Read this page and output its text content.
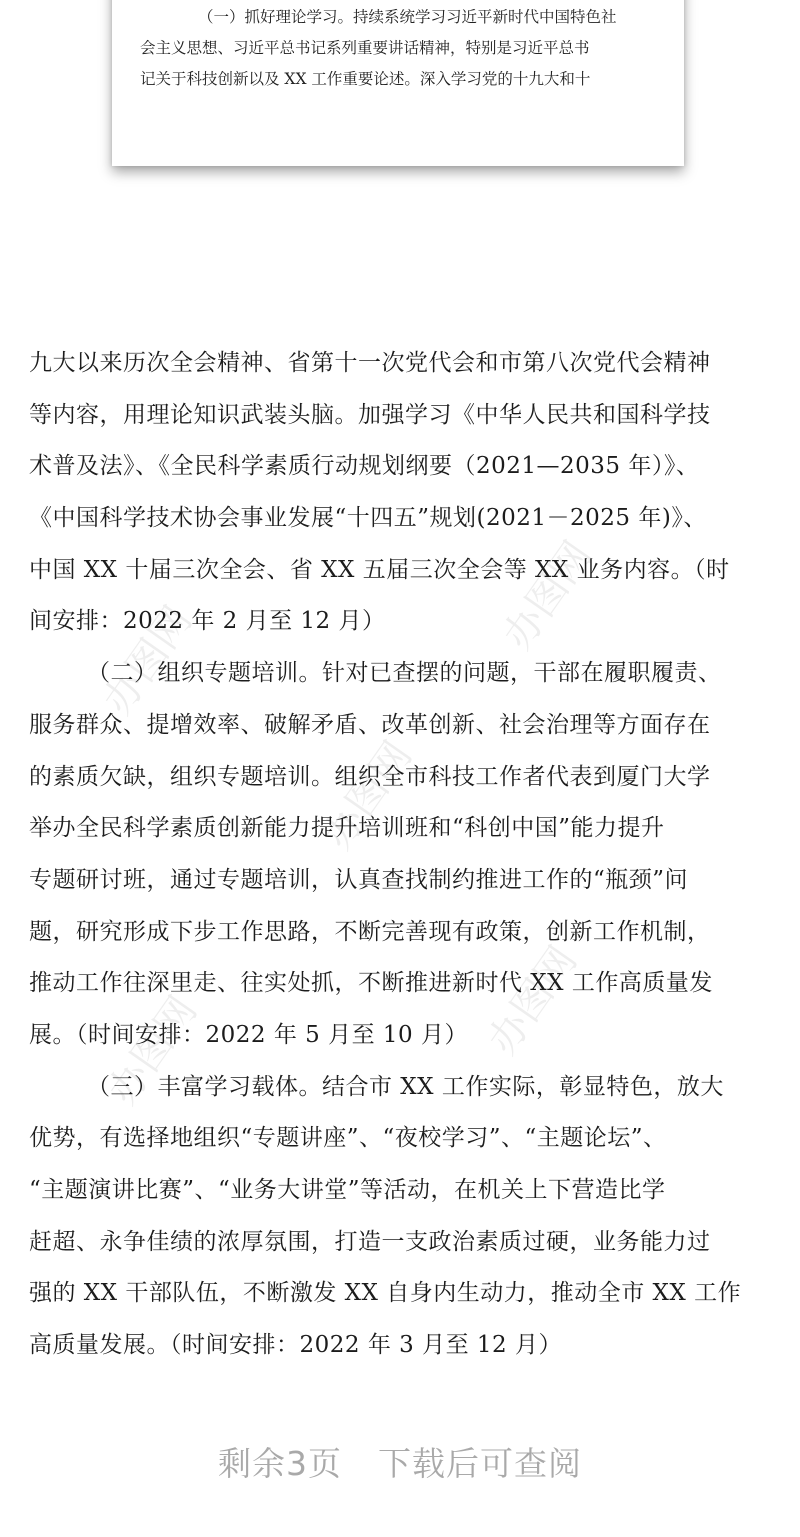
（一）抓好理论学习。持续系统学习习近平新时代中国特色社
会主义思想、习近平总书记系列重要讲话精神，特别是习近平总书
记关于科技创新以及 XX 工作重要论述。深入学习党的十九大和十
办图网
办图网
办图网
办图网	办图网
九大以来历次全会精神、省第十一次党代会和市第八次党代会精神
等内容，用理论知识武装头脑。加强学习《中华人民共和国科学技
术普及法》、《全民科学素质行动规划纲要（2021—2035 年）》、
《中国科学技术协会事业发展“十四五”规划(2021－2025 年)》、
中国 XX 十届三次全会、省 XX 五届三次全会等 XX 业务内容。（时
间安排：2022 年 2 月至 12 月）
（二）组织专题培训。针对已查摆的问题，干部在履职履责、
服务群众、提增效率、破解矛盾、改革创新、社会治理等方面存在
的素质欠缺，组织专题培训。组织全市科技工作者代表到厦门大学
举办全民科学素质创新能力提升培训班和“科创中国”能力提升
专题研讨班，通过专题培训，认真查找制约推进工作的“瓶颈”问
题，研究形成下步工作思路，不断完善现有政策，创新工作机制，
推动工作往深里走、往实处抓，不断推进新时代 XX 工作高质量发
展。（时间安排：2022 年 5 月至 10 月）
（三）丰富学习载体。结合市 XX 工作实际，彰显特色，放大
优势，有选择地组织“专题讲座”、“夜校学习”、“主题论坛”、
“主题演讲比赛”、“业务大讲堂”等活动，在机关上下营造比学
赶超、永争佳绩的浓厚氛围，打造一支政治素质过硬，业务能力过
强的 XX 干部队伍，不断激发 XX 自身内生动力，推动全市 XX 工作
高质量发展。（时间安排：2022 年 3 月至 12 月）
剩余3页 下载后可查阅
